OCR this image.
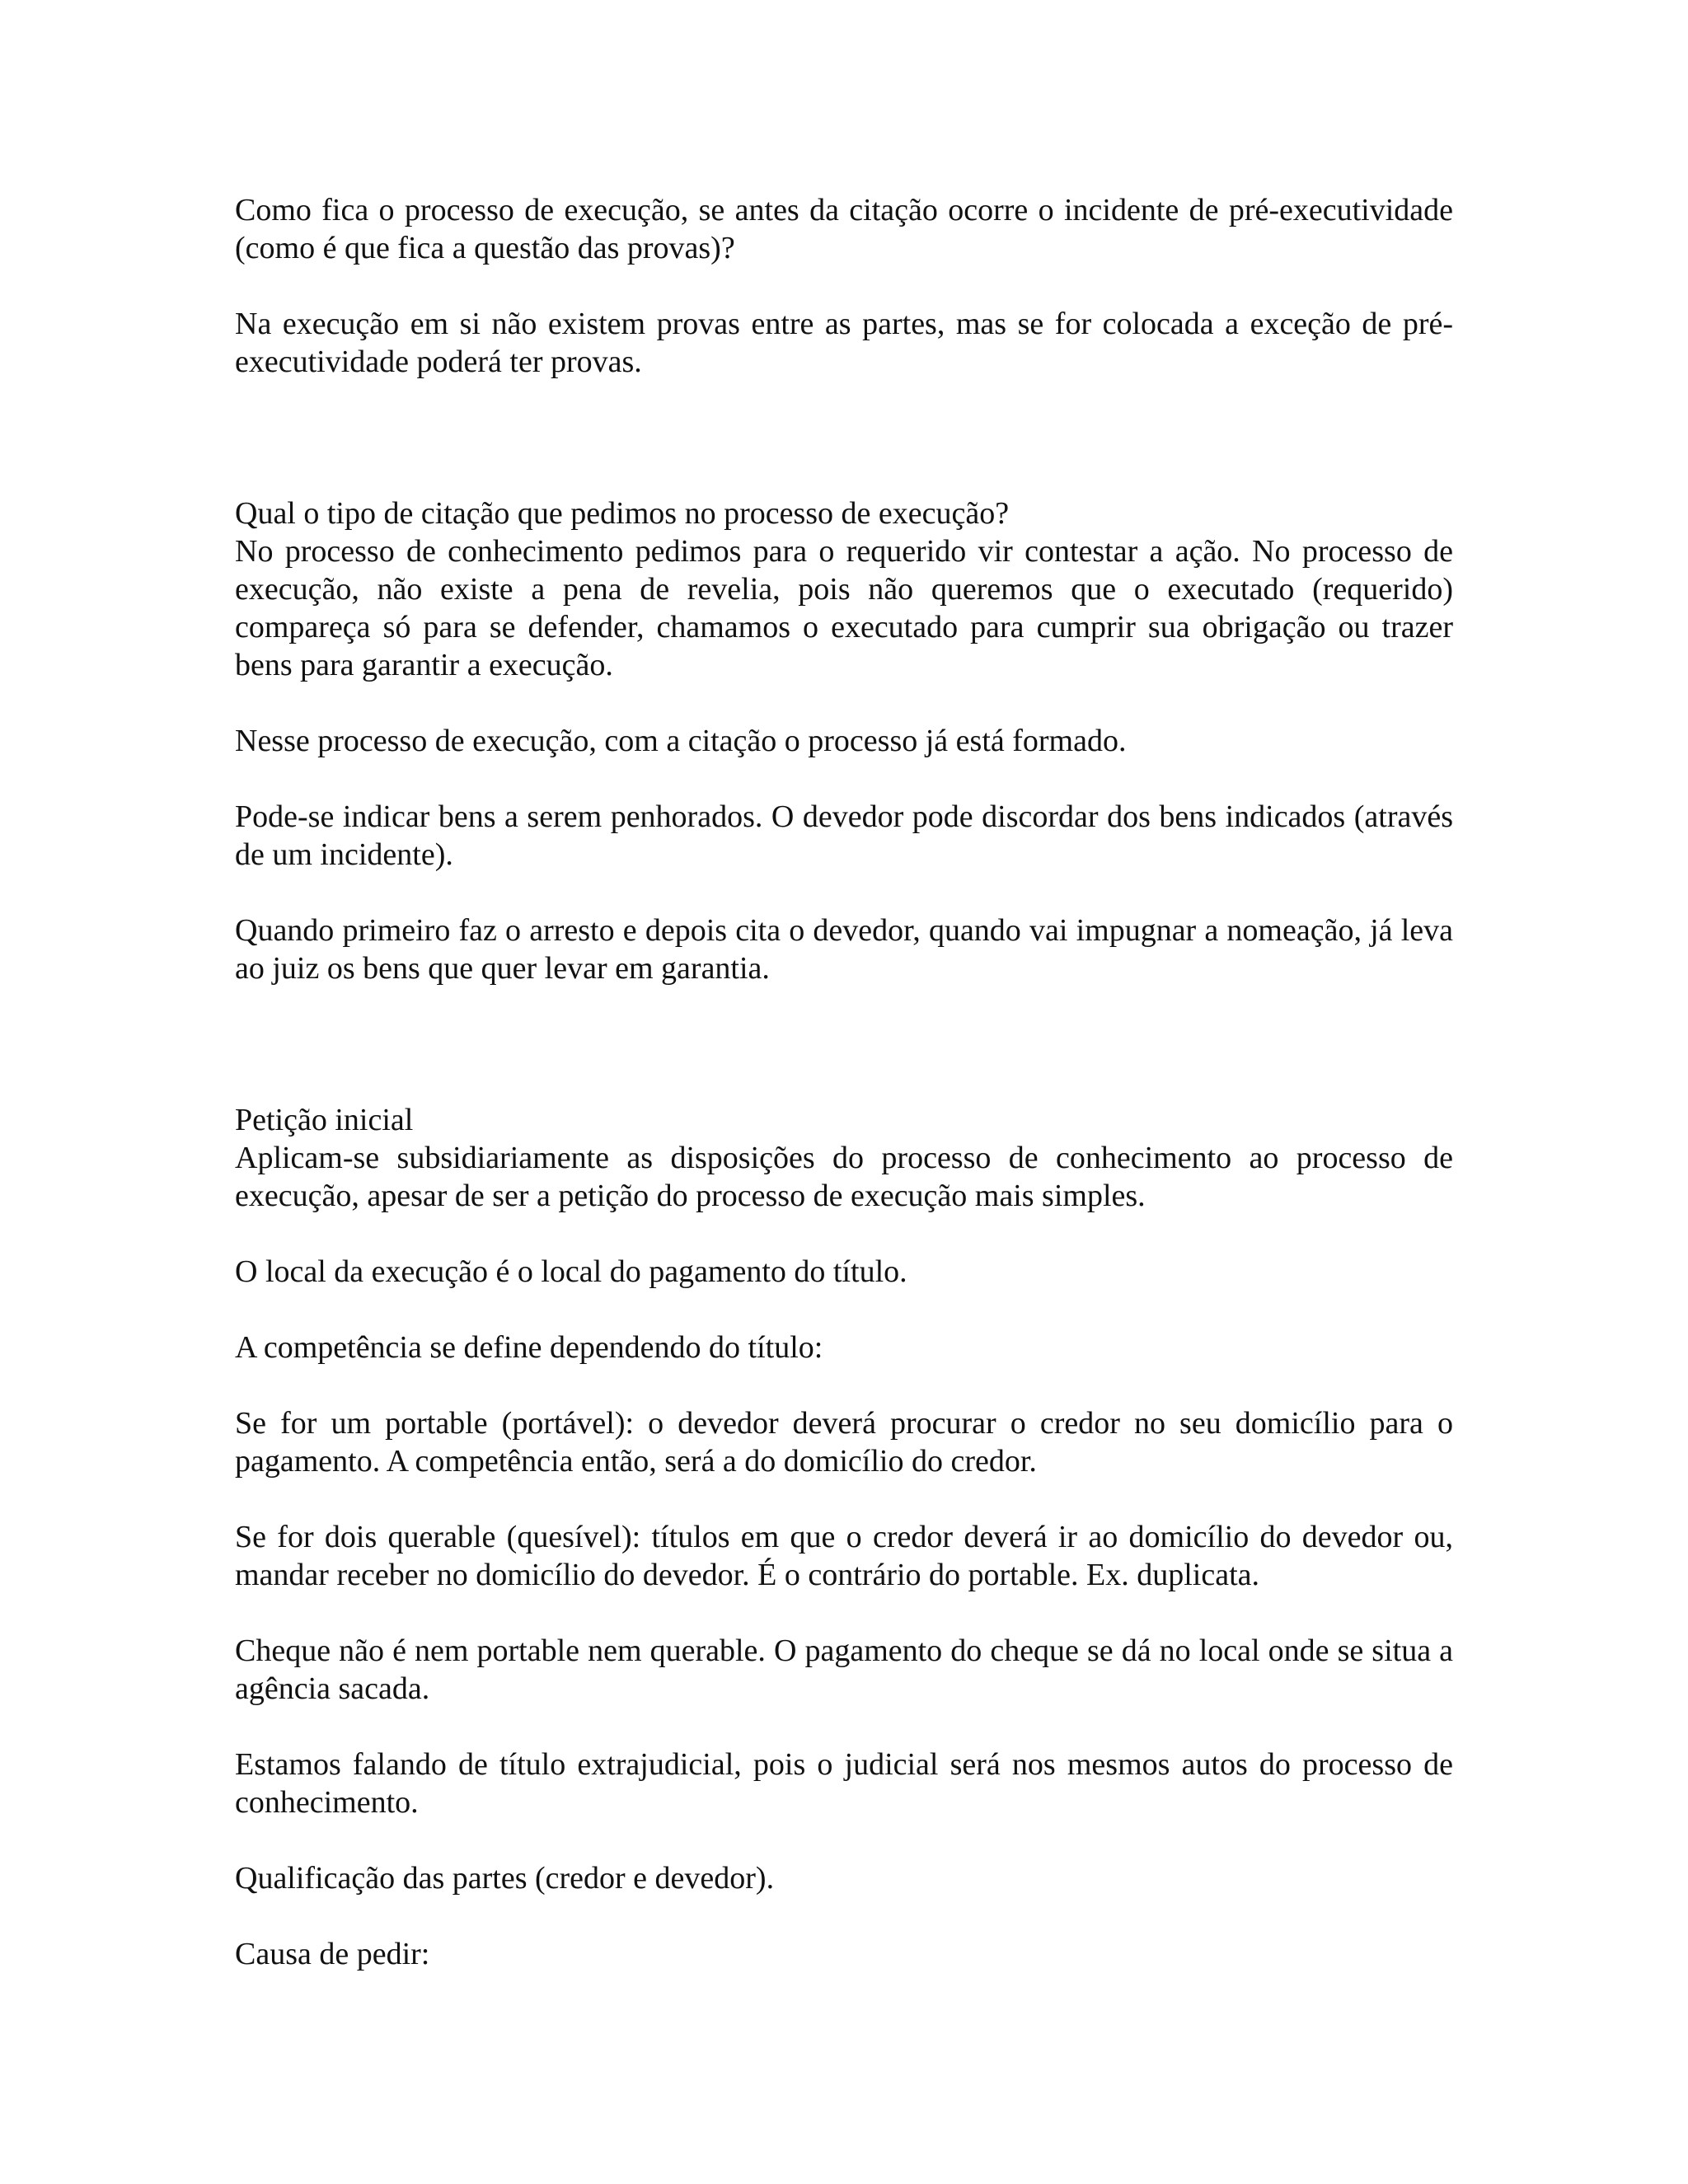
Como fica o processo de execução, se antes da citação ocorre o incidente de pré-executividade (como é que fica a questão das provas)?

Na execução em si não existem provas entre as partes, mas se for colocada a exceção de pré-executividade poderá ter provas.

Qual o tipo de citação que pedimos no processo de execução?

No processo de conhecimento pedimos para o requerido vir contestar a ação. No processo de execução, não existe a pena de revelia, pois não queremos que o executado (requerido) compareça só para se defender, chamamos o executado para cumprir sua obrigação ou trazer bens para garantir a execução.

Nesse processo de execução, com a citação o processo já está formado.

Pode-se indicar bens a serem penhorados. O devedor pode discordar dos bens indicados (através de um incidente).

Quando primeiro faz o arresto e depois cita o devedor, quando vai impugnar a nomeação, já leva ao juiz os bens que quer levar em garantia.

Petição inicial

Aplicam-se subsidiariamente as disposições do processo de conhecimento ao processo de execução, apesar de ser a petição do processo de execução mais simples.

O local da execução é o local do pagamento do título.

A competência se define dependendo do título:

Se for um portable (portável): o devedor deverá procurar o credor no seu domicílio para o pagamento. A competência então, será a do domicílio do credor.

Se for dois querable (quesível): títulos em que o credor deverá ir ao domicílio do devedor ou, mandar receber no domicílio do devedor. É o contrário do portable. Ex. duplicata.

Cheque não é nem portable nem querable. O pagamento do cheque se dá no local onde se situa a agência sacada.

Estamos falando de título extrajudicial, pois o judicial será nos mesmos autos do processo de conhecimento.

Qualificação das partes (credor e devedor).

Causa de pedir:
